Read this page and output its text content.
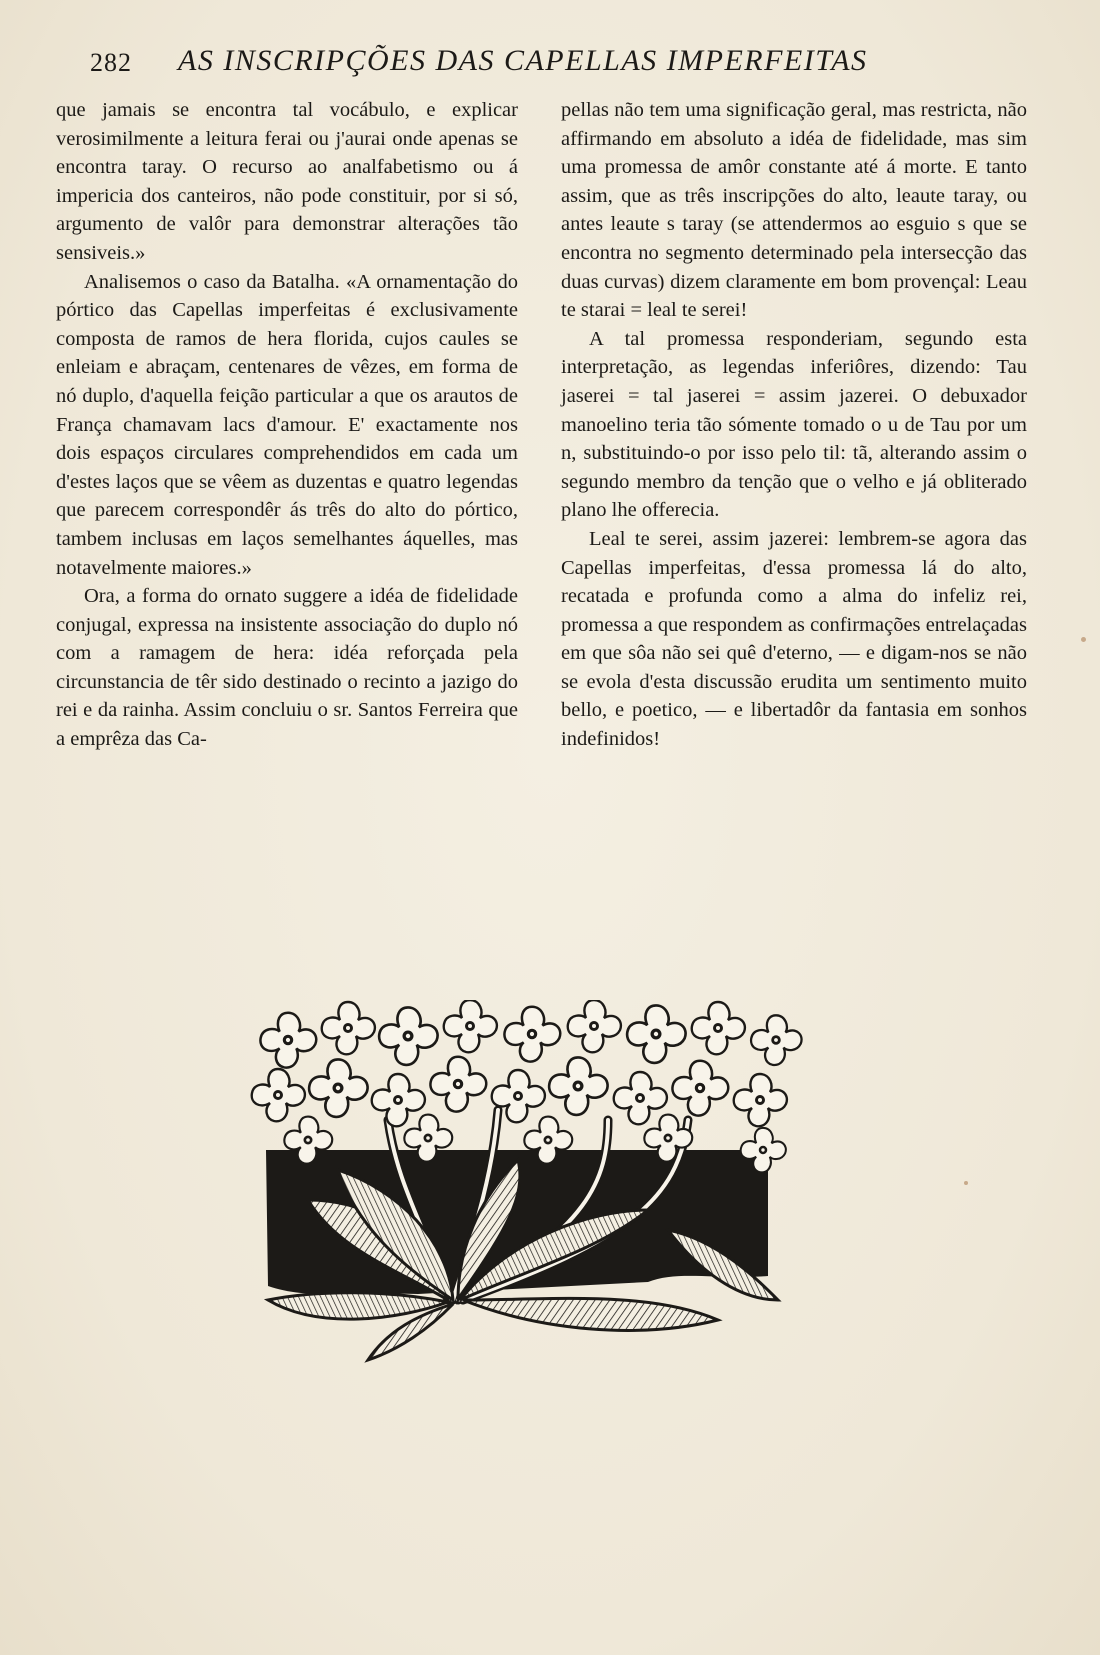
282 AS INSCRIPÇÕES DAS CAPELLAS IMPERFEITAS

que jamais se encontra tal vocábulo, e explicar verosimilmente a leitura ferai ou j'aurai onde apenas se encontra taray. O recurso ao analfabetismo ou á impericia dos canteiros, não pode constituir, por si só, argumento de valôr para demonstrar alterações tão sensiveis.»

Analisemos o caso da Batalha. «A ornamentação do pórtico das Capellas imperfeitas é exclusivamente composta de ramos de hera florida, cujos caules se enleiam e abraçam, centenares de vêzes, em forma de nó duplo, d'aquella feição particular a que os arautos de França chamavam lacs d'amour. E' exactamente nos dois espaços circulares comprehendidos em cada um d'estes laços que se vêem as duzentas e quatro legendas que parecem correspondêr ás três do alto do pórtico, tambem inclusas em laços semelhantes áquelles, mas notavelmente maiores.»

Ora, a forma do ornato suggere a idéa de fidelidade conjugal, expressa na insistente associação do duplo nó com a ramagem de hera: idéa reforçada pela circunstancia de têr sido destinado o recinto a jazigo do rei e da rainha. Assim concluiu o sr. Santos Ferreira que a emprêza das Ca-

pellas não tem uma significação geral, mas restricta, não affirmando em absoluto a idéa de fidelidade, mas sim uma promessa de amôr constante até á morte. E tanto assim, que as três inscripções do alto, leaute taray, ou antes leaute s taray (se attendermos ao esguio s que se encontra no segmento determinado pela intersecção das duas curvas) dizem claramente em bom provençal: Leau te starai = leal te serei!

A tal promessa responderiam, segundo esta interpretação, as legendas inferiôres, dizendo: Tau jaserei = tal jaserei = assim jazerei. O debuxador manoelino teria tão sómente tomado o u de Tau por um n, substituindo-o por isso pelo til: tã, alterando assim o segundo membro da tenção que o velho e já obliterado plano lhe offerecia.

Leal te serei, assim jazerei: lembrem-se agora das Capellas imperfeitas, d'essa promessa lá do alto, recatada e profunda como a alma do infeliz rei, promessa a que respondem as confirmações entrelaçadas em que sôa não sei quê d'eterno, — e digam-nos se não se evola d'esta discussão erudita um sentimento muito bello, e poetico, — e libertadôr da fantasia em sonhos indefinidos!
